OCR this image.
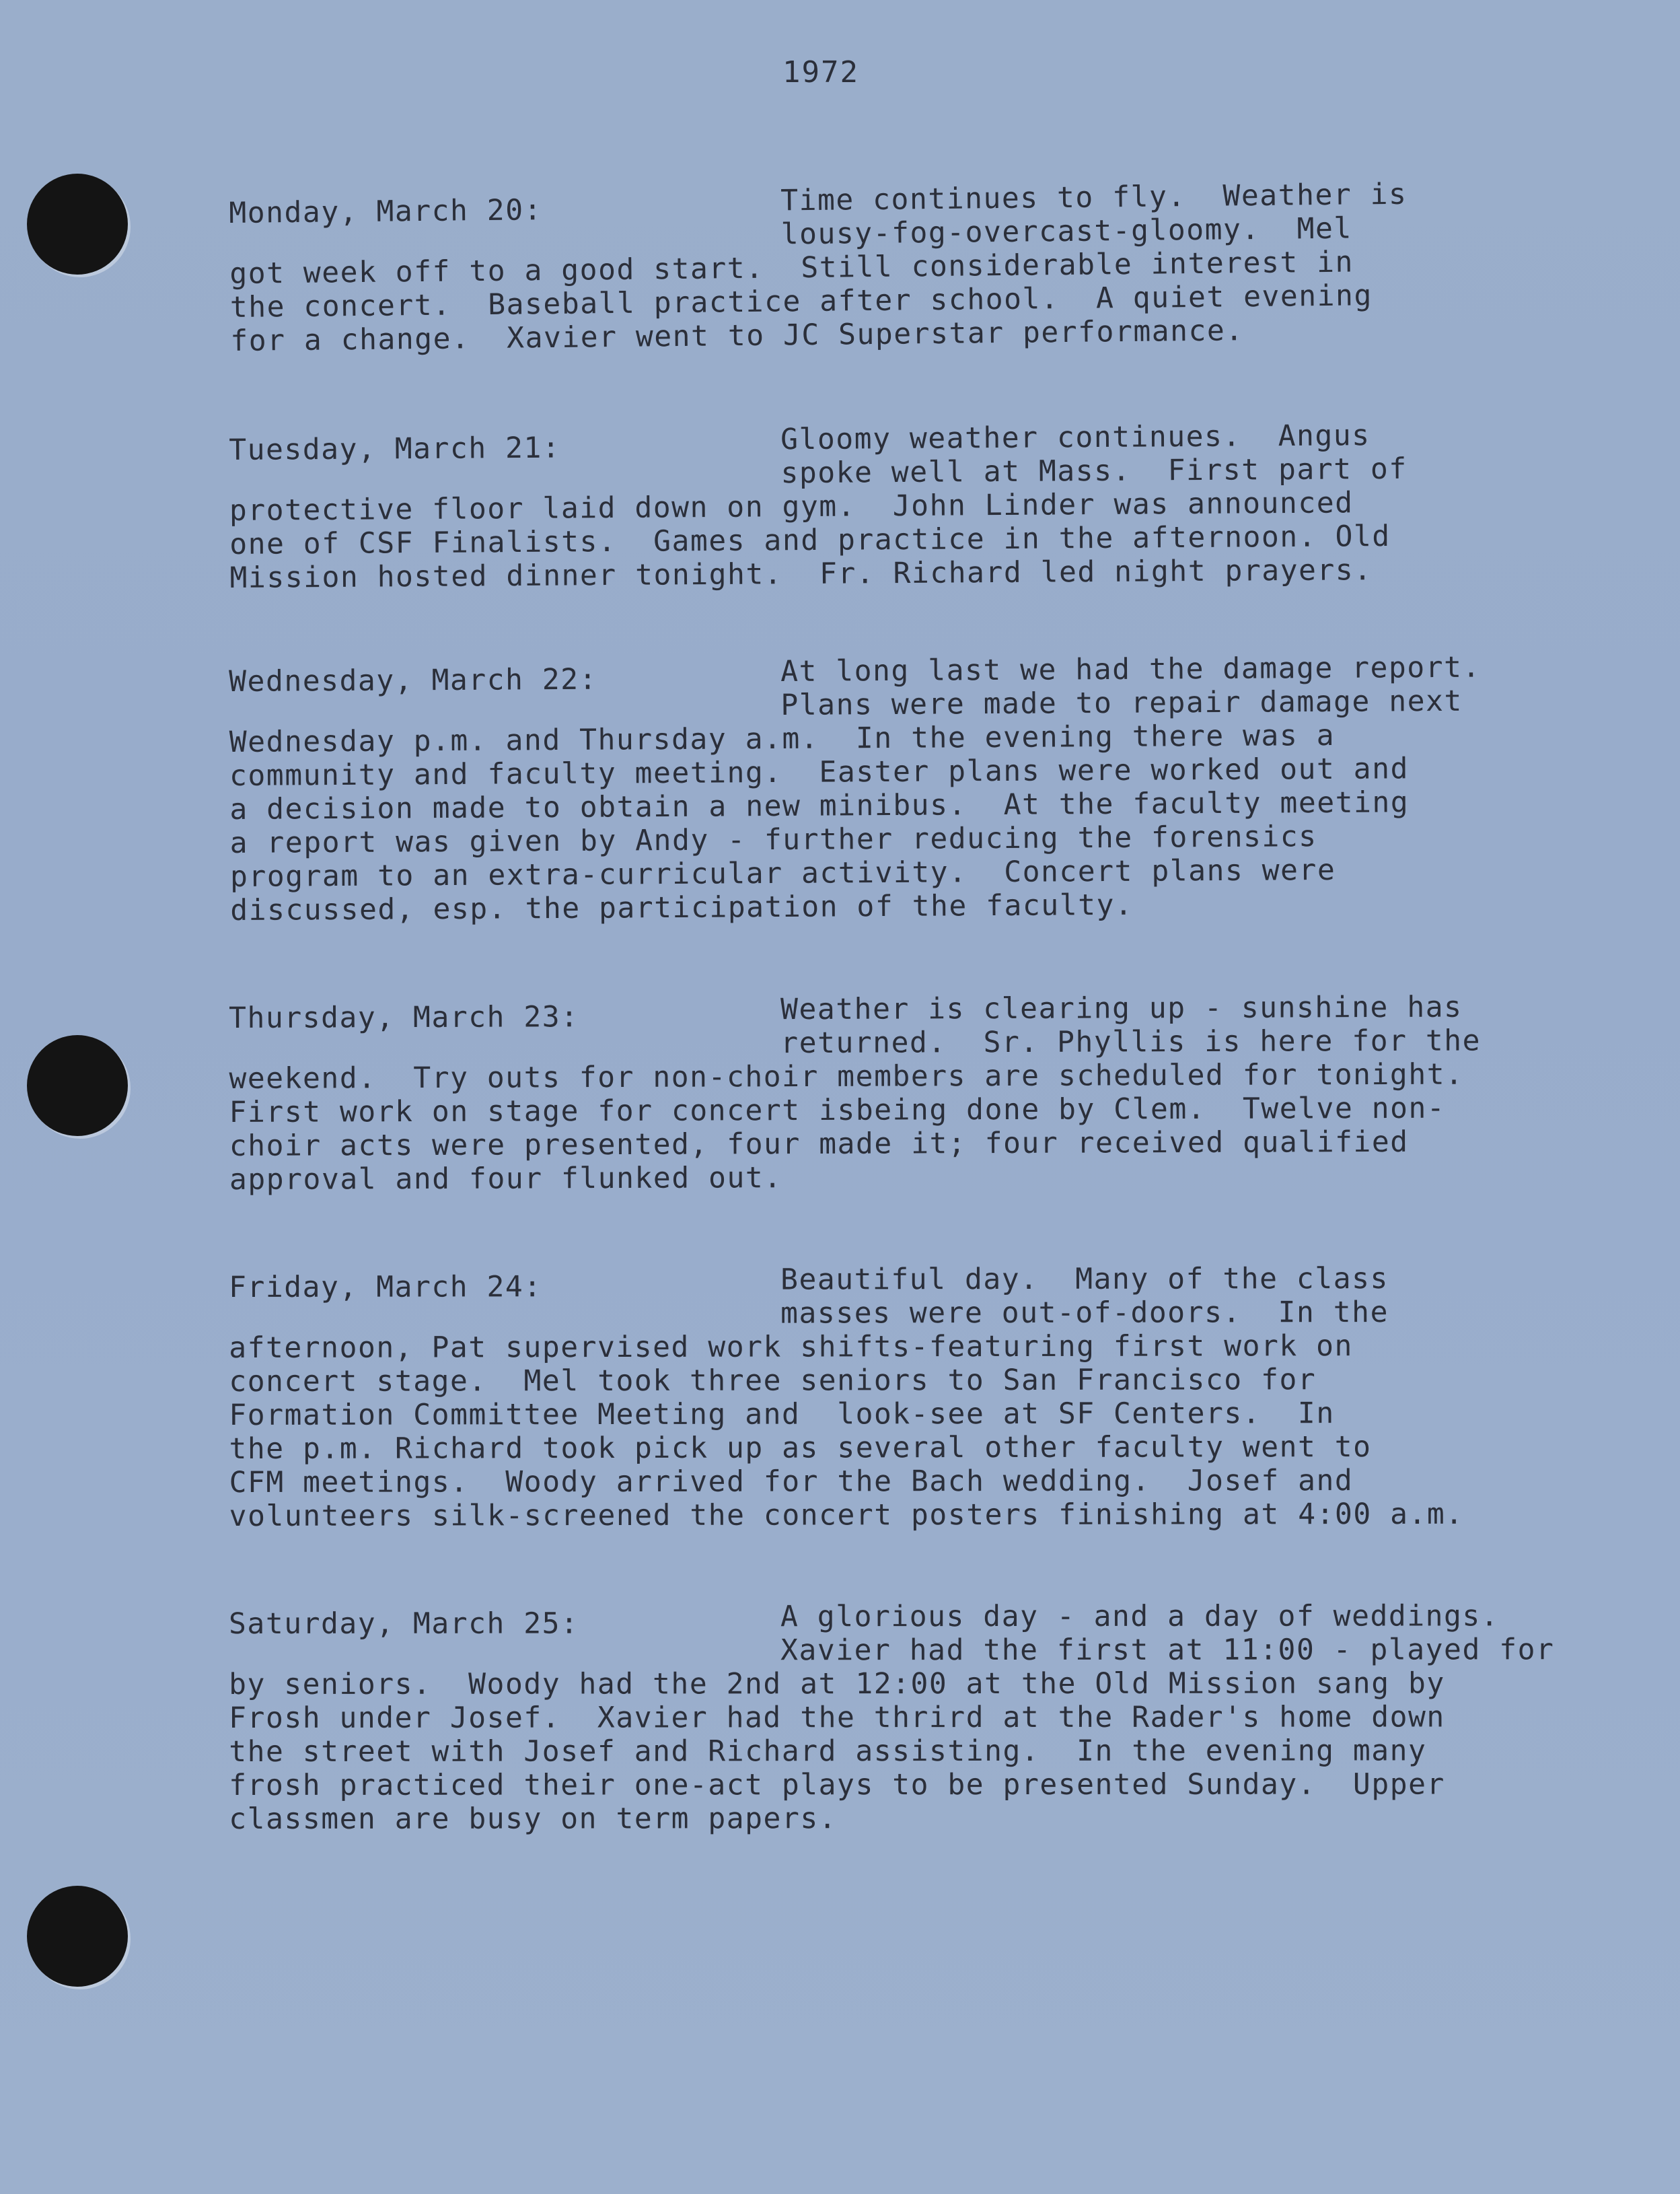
1972
Monday, March 20:	Time continues to fly.  Weather is
lousy-fog-overcast-gloomy.  Mel
got week off to a good start.  Still considerable interest in
the concert.  Baseball practice after school.  A quiet evening
for a change.  Xavier went to JC Superstar performance.
Tuesday, March 21:	Gloomy weather continues.  Angus
spoke well at Mass.  First part of
protective floor laid down on gym.  John Linder was announced
one of CSF Finalists.  Games and practice in the afternoon. Old
Mission hosted dinner tonight.  Fr. Richard led night prayers.
Wednesday, March 22:	At long last we had the damage report.
Plans were made to repair damage next
Wednesday p.m. and Thursday a.m.  In the evening there was a
community and faculty meeting.  Easter plans were worked out and
a decision made to obtain a new minibus.  At the faculty meeting
a report was given by Andy - further reducing the forensics
program to an extra-curricular activity.  Concert plans were
discussed, esp. the participation of the faculty.
Thursday, March 23:	Weather is clearing up - sunshine has
returned.  Sr. Phyllis is here for the
weekend.  Try outs for non-choir members are scheduled for tonight.
First work on stage for concert isbeing done by Clem.  Twelve non-
choir acts were presented, four made it; four received qualified
approval and four flunked out.
Friday, March 24:	Beautiful day.  Many of the class
masses were out-of-doors.  In the
afternoon, Pat supervised work shifts-featuring first work on
concert stage.  Mel took three seniors to San Francisco for
Formation Committee Meeting and  look-see at SF Centers.  In
the p.m. Richard took pick up as several other faculty went to
CFM meetings.  Woody arrived for the Bach wedding.  Josef and
volunteers silk-screened the concert posters finishing at 4:00 a.m.
Saturday, March 25:	A glorious day - and a day of weddings.
Xavier had the first at 11:00 - played for
by seniors.  Woody had the 2nd at 12:00 at the Old Mission sang by
Frosh under Josef.  Xavier had the thrird at the Rader's home down
the street with Josef and Richard assisting.  In the evening many
frosh practiced their one-act plays to be presented Sunday.  Upper
classmen are busy on term papers.
